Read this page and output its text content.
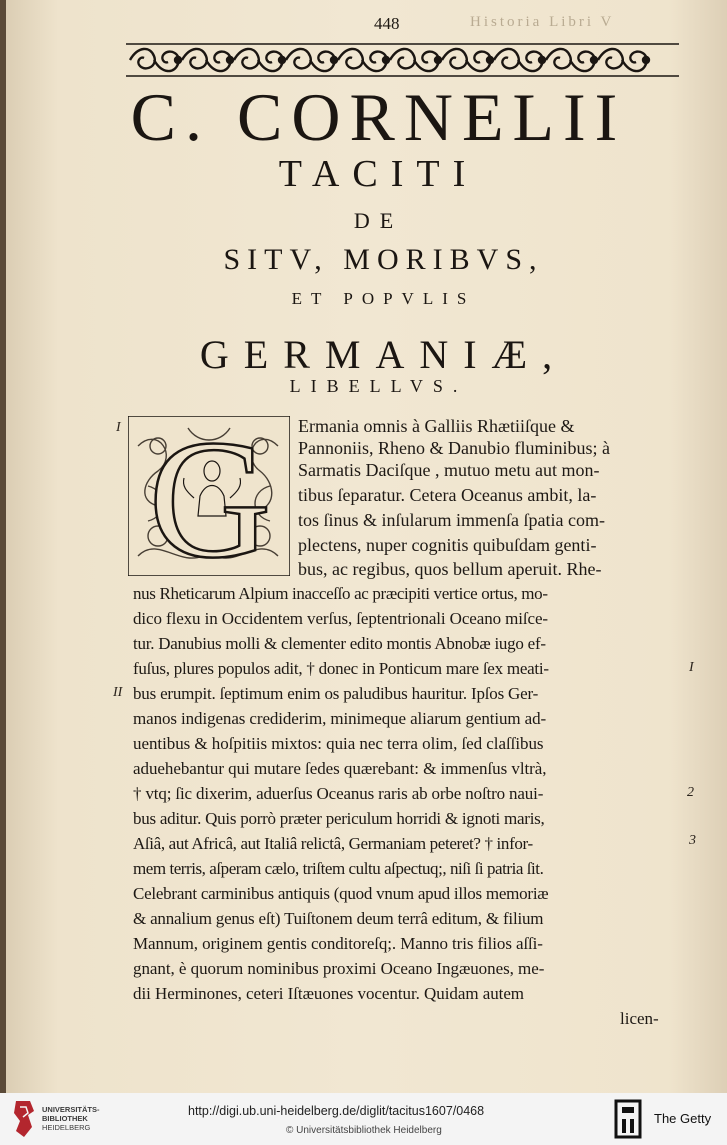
Historia Libri V
448
C. CORNELII
TACITI
DE
SITV, MORIBVS,
ET POPVLIS
GERMANIÆ,
LIBELLVS.
G Ermania omnis à Galliis Rhætiiſque &
Pannoniis, Rheno & Danubio fluminibus; à
Sarmatis Daciſque , mutuo metu aut mon-
tibus ſeparatur. Cetera Oceanus ambit, la-
tos ſinus & inſularum immenſa ſpatia com-
plectens, nuper cognitis quibuſdam genti-
bus, ac regibus, quos bellum aperuit. Rhe-
nus Rheticarum Alpium inacceſſo ac præcipiti vertice ortus, mo-
dico flexu in Occidentem verſus, ſeptentrionali Oceano miſce-
tur. Danubius molli & clementer edito montis Abnobæ iugo ef-
fuſus, plures populos adit, † donec in Ponticum mare ſex meati-
bus erumpit. ſeptimum enim os paludibus hauritur. Ipſos Ger-
manos indigenas crediderim, minimeque aliarum gentium ad-
uentibus & hoſpitiis mixtos: quia nec terra olim, ſed claſſibus
aduehebantur qui mutare ſedes quærebant: & immenſus vltrà,
† vtq; ſic dixerim, aduerſus Oceanus raris ab orbe noſtro naui-
bus aditur. Quis porrò præter periculum horridi & ignoti maris,
Aſiâ, aut Africâ, aut Italiâ relictâ, Germaniam peteret? † infor-
mem terris, aſperam cælo, triſtem cultu aſpectuq;, niſi ſi patria ſit.
Celebrant carminibus antiquis (quod vnum apud illos memoriæ
& annalium genus eſt) Tuiſtonem deum terrâ editum, & filium
Mannum, originem gentis conditoreſq;. Manno tris filios aſſi-
gnant, è quorum nominibus proximi Oceano Ingæuones, me-
dii Herminones, ceteri Iſtæuones vocentur. Quidam autem
licen-
I
I
II
2
3
UNIVERSITÄTS-
BIBLIOTHEK
HEIDELBERG
http://digi.ub.uni-heidelberg.de/diglit/tacitus1607/0468
© Universitätsbibliothek Heidelberg
The Getty
